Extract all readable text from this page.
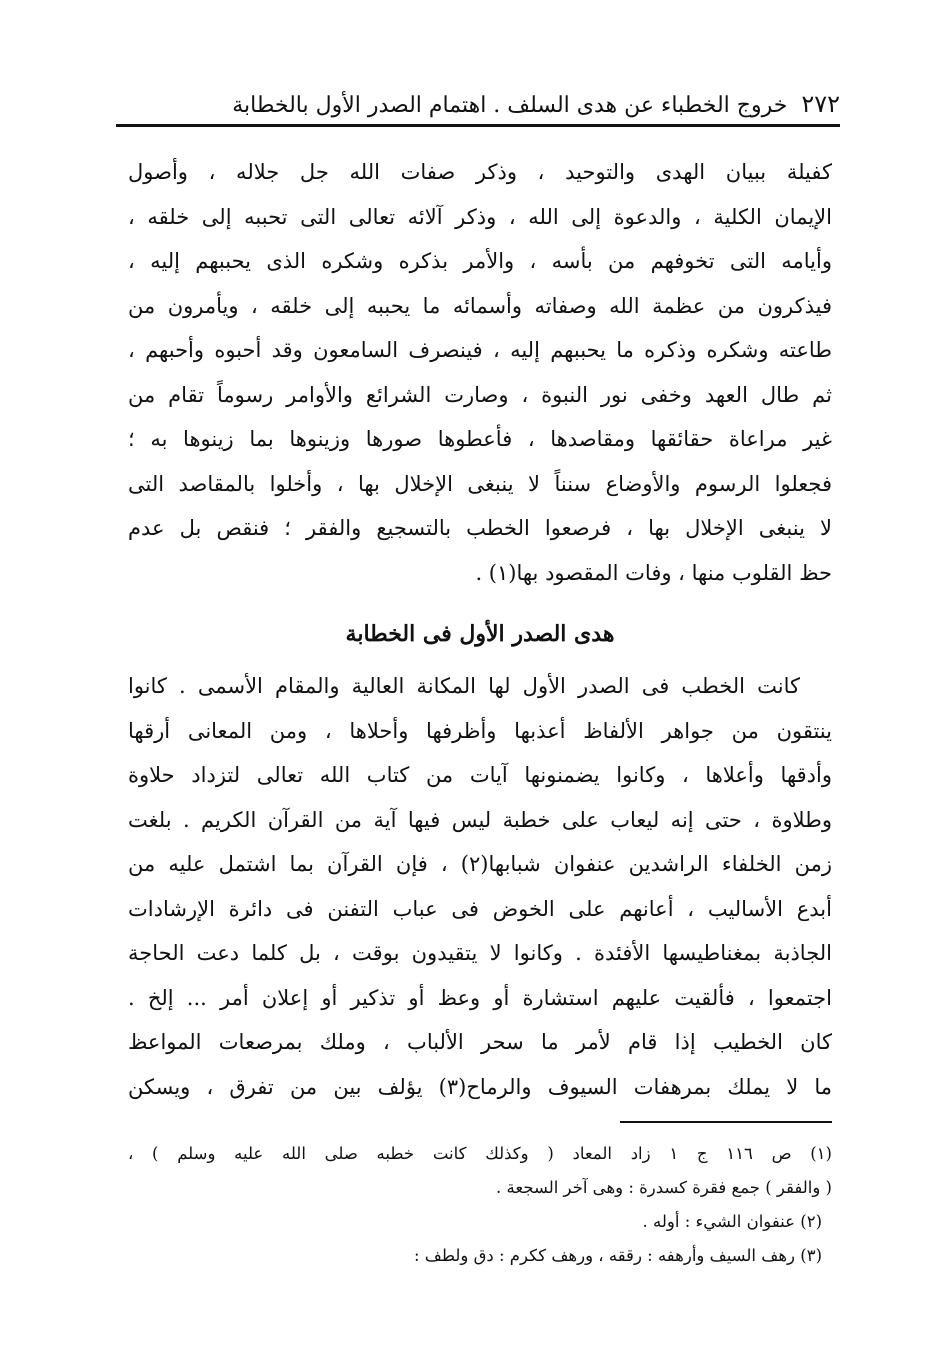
٢٧٢
خروج الخطباء عن هدى السلف . اهتمام الصدر الأول بالخطابة
كفيلة ببيان الهدى والتوحيد ، وذكر صفات الله جل جلاله ، وأصول
الإيمان الكلية ، والدعوة إلى الله ، وذكر آلائه تعالى التى تحببه إلى خلقه ،
وأيامه التى تخوفهم من بأسه ، والأمر بذكره وشكره الذى يحببهم إليه ،
فيذكرون من عظمة الله وصفاته وأسمائه ما يحببه إلى خلقه ، ويأمرون من
طاعته وشكره وذكره ما يحببهم إليه ، فينصرف السامعون وقد أحبوه وأحبهم ،
ثم طال العهد وخفى نور النبوة ، وصارت الشرائع والأوامر رسوماً تقام من
غير مراعاة حقائقها ومقاصدها ، فأعطوها صورها وزينوها بما زينوها به ؛
فجعلوا الرسوم والأوضاع سنناً لا ينبغى الإخلال بها ، وأخلوا بالمقاصد التى
لا ينبغى الإخلال بها ، فرصعوا الخطب بالتسجيع والفقر ؛ فنقص بل عدم
حظ القلوب منها ، وفات المقصود بها(١) .
هدى الصدر الأول فى الخطابة
كانت الخطب فى الصدر الأول لها المكانة العالية والمقام الأسمى . كانوا
ينتقون من جواهر الألفاظ أعذبها وأظرفها وأحلاها ، ومن المعانى أرقها
وأدقها وأعلاها ، وكانوا يضمنونها آيات من كتاب الله تعالى لتزداد حلاوة
وطلاوة ، حتى إنه ليعاب على خطبة ليس فيها آية من القرآن الكريم . بلغت
زمن الخلفاء الراشدين عنفوان شبابها(٢) ، فإن القرآن بما اشتمل عليه من
أبدع الأساليب ، أعانهم على الخوض فى عباب التفنن فى دائرة الإرشادات
الجاذبة بمغناطيسها الأفئدة . وكانوا لا يتقيدون بوقت ، بل كلما دعت الحاجة
اجتمعوا ، فألقيت عليهم استشارة أو وعظ أو تذكير أو إعلان أمر ... إلخ .
كان الخطيب إذا قام لأمر ما سحر الألباب ، وملك بمرصعات المواعظ
ما لا يملك بمرهفات السيوف والرماح(٣) يؤلف بين من تفرق ، ويسكن
(١) ص ١١٦ ج ١ زاد المعاد ( وكذلك كانت خطبه صلى الله عليه وسلم ) ،
( والفقر ) جمع فقرة كسدرة : وهى آخر السجعة .
(٢) عنفوان الشيء : أوله .
(٣) رهف السيف وأرهفه : رققه ، ورهف ككرم : دق ولطف :
